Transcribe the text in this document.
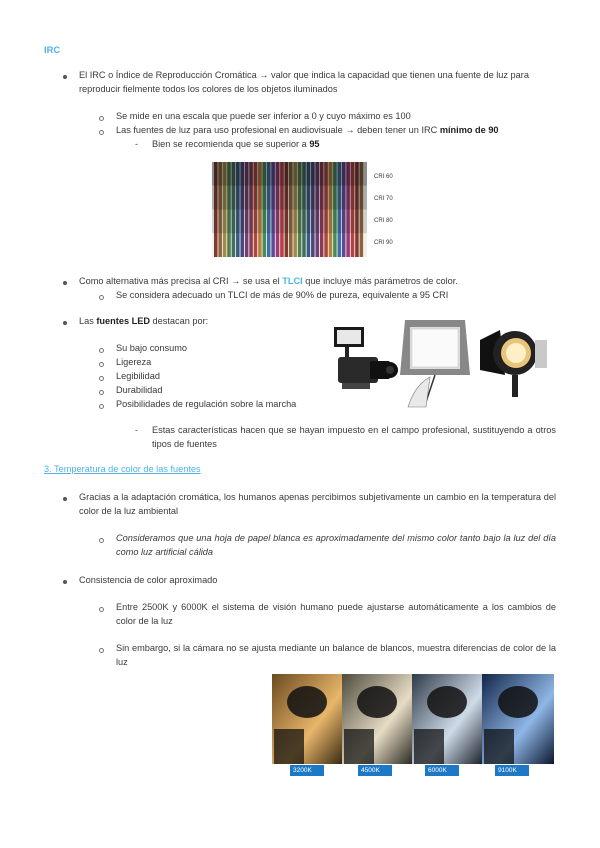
IRC
El IRC o Índice de Reproducción Cromática → valor que indica la capacidad que tienen una fuente de luz para reproducir fielmente todos los colores de los objetos iluminados
Se mide en una escala que puede ser inferior a 0 y cuyo máximo es 100
Las fuentes de luz para uso profesional en audiovisuale → deben tener un IRC mínimo de 90
- Bien se recomienda que se superior a 95
CRI 60
CRI 70
CRI 80
CRI 90
Como alternativa más precisa al CRI → se usa el TLCI que incluye más parámetros de color.
Se considera adecuado un TLCI de más de 90% de pureza, equivalente a 95 CRI
Las fuentes LED destacan por:
Su bajo consumo
Ligereza
Legibilidad
Durabilidad
Posibilidades de regulación sobre la marcha
- Estas características hacen que se hayan impuesto en el campo profesional, sustituyendo a otros tipos de fuentes
3. Temperatura de color de las fuentes
Gracias a la adaptación cromática, los humanos apenas percibimos subjetivamente un cambio en la temperatura del color de la luz ambiental
Consideramos que una hoja de papel blanca es aproximadamente del mismo color tanto bajo la luz del día como luz artificial cálida
Consistencia de color aproximado
Entre 2500K y 6000K el sistema de visión humano puede ajustarse automáticamente a los cambios de color de la luz
Sin embargo, si la cámara no se ajusta mediante un balance de blancos, muestra diferencias de color de la luz
3200K	4500K	6000K	9100K
